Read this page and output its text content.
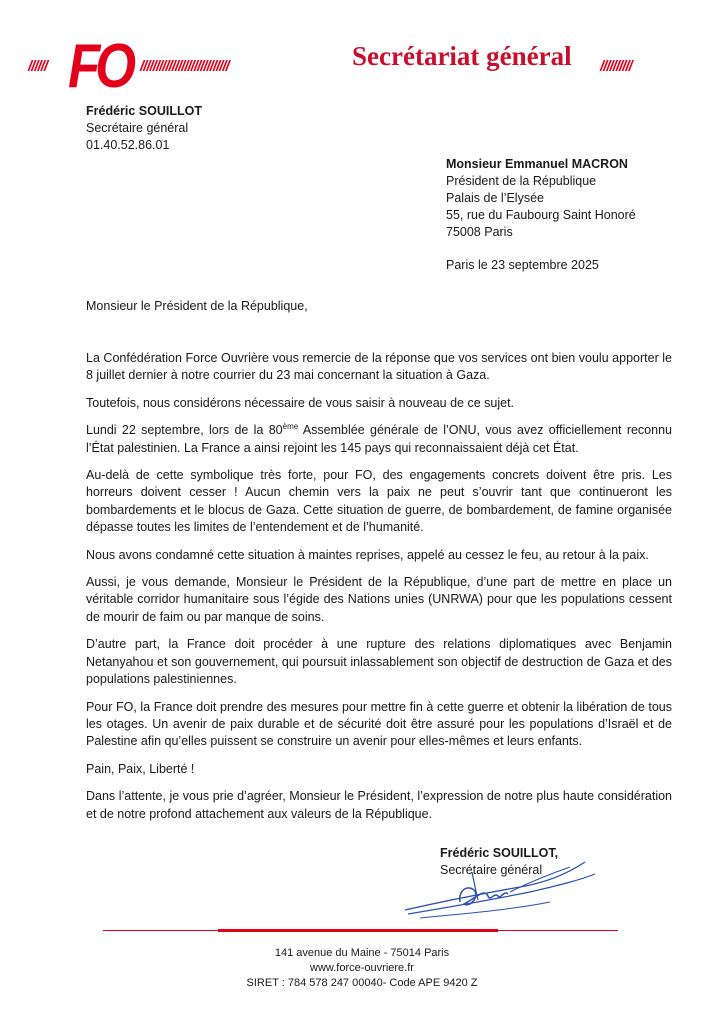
////// FO ////////////////////////////	Secrétariat général //////////
Frédéric SOUILLOT
Secrétaire général
01.40.52.86.01
Monsieur Emmanuel MACRON
Président de la République
Palais de l’Elysée
55, rue du Faubourg Saint Honoré
75008 Paris
Paris le 23 septembre 2025
Monsieur le Président de la République,

La Confédération Force Ouvrière vous remercie de la réponse que vos services ont bien voulu apporter le 8 juillet dernier à notre courrier du 23 mai concernant la situation à Gaza.

Toutefois, nous considérons nécessaire de vous saisir à nouveau de ce sujet.

Lundi 22 septembre, lors de la 80ème Assemblée générale de l’ONU, vous avez officiellement reconnu l’État palestinien. La France a ainsi rejoint les 145 pays qui reconnaissaient déjà cet État.

Au-delà de cette symbolique très forte, pour FO, des engagements concrets doivent être pris. Les horreurs doivent cesser ! Aucun chemin vers la paix ne peut s’ouvrir tant que continueront les bombardements et le blocus de Gaza. Cette situation de guerre, de bombardement, de famine organisée dépasse toutes les limites de l’entendement et de l’humanité.

Nous avons condamné cette situation à maintes reprises, appelé au cessez le feu, au retour à la paix.

Aussi, je vous demande, Monsieur le Président de la République, d’une part de mettre en place un véritable corridor humanitaire sous l’égide des Nations unies (UNRWA) pour que les populations cessent de mourir de faim ou par manque de soins.

D’autre part, la France doit procéder à une rupture des relations diplomatiques avec Benjamin Netanyahou et son gouvernement, qui poursuit inlassablement son objectif de destruction de Gaza et des populations palestiniennes.

Pour FO, la France doit prendre des mesures pour mettre fin à cette guerre et obtenir la libération de tous les otages. Un avenir de paix durable et de sécurité doit être assuré pour les populations d’Israël et de Palestine afin qu’elles puissent se construire un avenir pour elles-mêmes et leurs enfants.

Pain, Paix, Liberté !

Dans l’attente, je vous prie d’agréer, Monsieur le Président, l’expression de notre plus haute considération et de notre profond attachement aux valeurs de la République.

Frédéric SOUILLOT,
Secrétaire général
141 avenue du Maine - 75014 Paris
www.force-ouvriere.fr
SIRET : 784 578 247 00040- Code APE 9420 Z
